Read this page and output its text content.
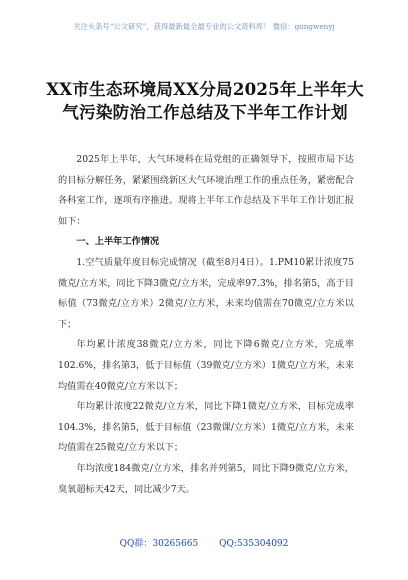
关注头条号“公文研究”，获得最新最全最专业的公文资料库！ 微信：gongwenyj
XX市生态环境局XX分局2025年上半年大气污染防治工作总结及下半年工作计划

2025年上半年，大气环境科在局党组的正确领导下，按照市局下达的目标分解任务，紧紧围绕新区大气环境治理工作的重点任务，紧密配合各科室工作，逐项有序推进。现将上半年工作总结及下半年工作计划汇报如下：

一、上半年工作情况

1.空气质量年度目标完成情况（截至8月4日）。1.PM10累计浓度75微克/立方米，同比下降3微克/立方米，完成率97.3%，排名第5，高于目标值（73微克/立方米）2微克/立方米，未来均值需在70微克/立方米以下；

年均累计浓度38微克/立方米，同比下降6微克/立方米，完成率102.6%，排名第3，低于目标值（39微克/立方米）1微克/立方米，未来均值需在40微克/立方米以下；

年均累计浓度22微克/立方米，同比下降1微克/立方米，目标完成率104.3%，排名第5，低于目标值（23微课/立方米）1微克/立方米，未来均值需在25微克/立方米以下；

年均浓度184微克/立方米，排名并列第5，同比下降9微克/立方米，臭氧超标天42天，同比减少7天。

QQ群：30265665 QQ:535304092
